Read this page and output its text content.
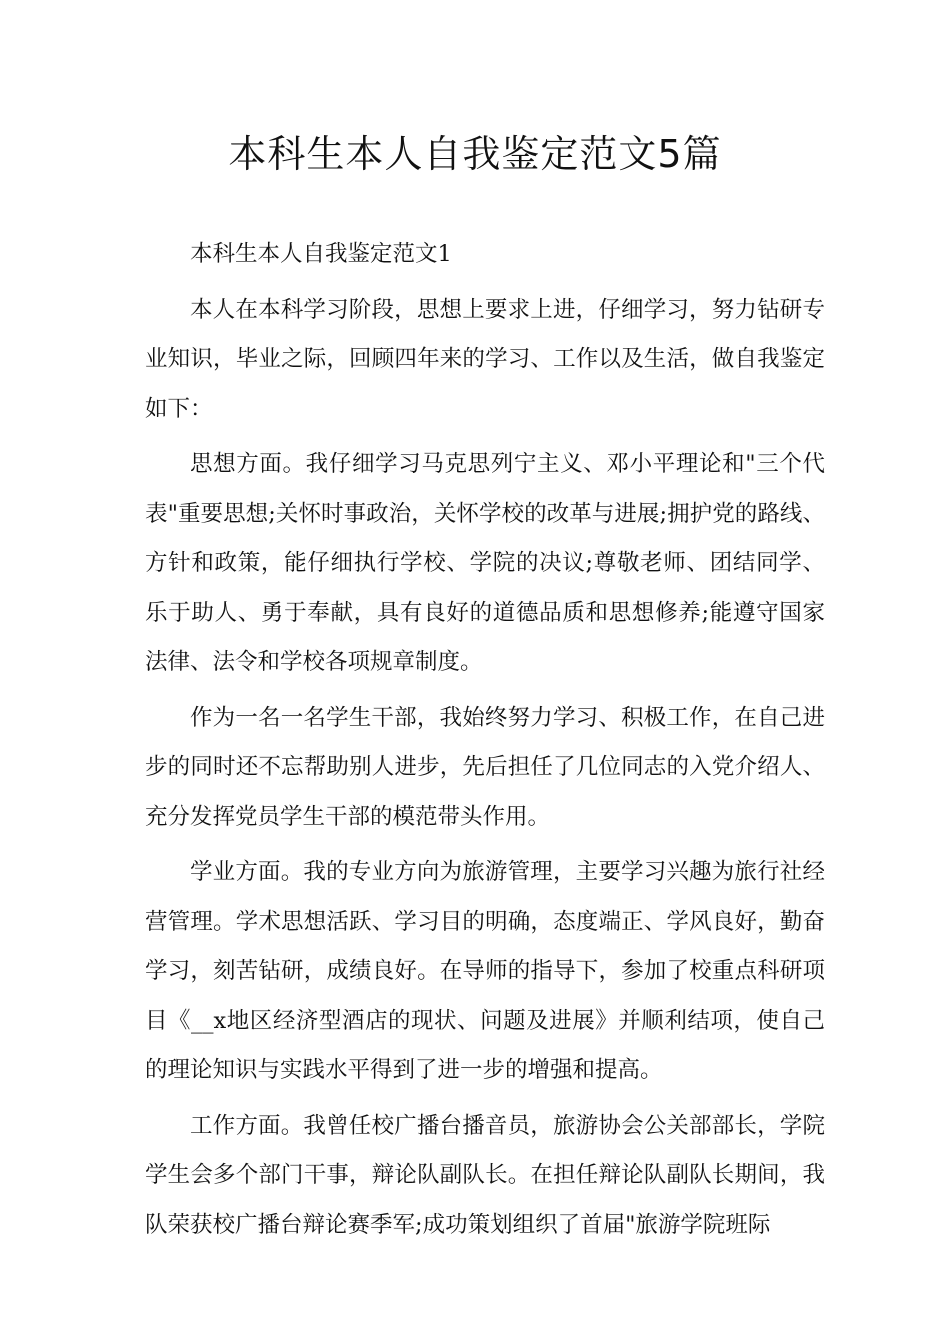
本科生本人自我鉴定范文5篇

本科生本人自我鉴定范文1

本人在本科学习阶段，思想上要求上进，仔细学习，努力钻研专业知识，毕业之际，回顾四年来的学习、工作以及生活，做自我鉴定如下：

思想方面。我仔细学习马克思列宁主义、邓小平理论和"三个代表"重要思想;关怀时事政治，关怀学校的改革与进展;拥护党的路线、方针和政策，能仔细执行学校、学院的决议;尊敬老师、团结同学、乐于助人、勇于奉献，具有良好的道德品质和思想修养;能遵守国家法律、法令和学校各项规章制度。

作为一名一名学生干部，我始终努力学习、积极工作，在自己进步的同时还不忘帮助别人进步，先后担任了几位同志的入党介绍人、充分发挥党员学生干部的模范带头作用。

学业方面。我的专业方向为旅游管理，主要学习兴趣为旅行社经营管理。学术思想活跃、学习目的明确，态度端正、学风良好，勤奋学习，刻苦钻研，成绩良好。在导师的指导下，参加了校重点科研项目《__x地区经济型酒店的现状、问题及进展》并顺利结项，使自己的理论知识与实践水平得到了进一步的增强和提高。

工作方面。我曾任校广播台播音员，旅游协会公关部部长，学院学生会多个部门干事，辩论队副队长。在担任辩论队副队长期间，我队荣获校广播台辩论赛季军;成功策划组织了首届"旅游学院班际
